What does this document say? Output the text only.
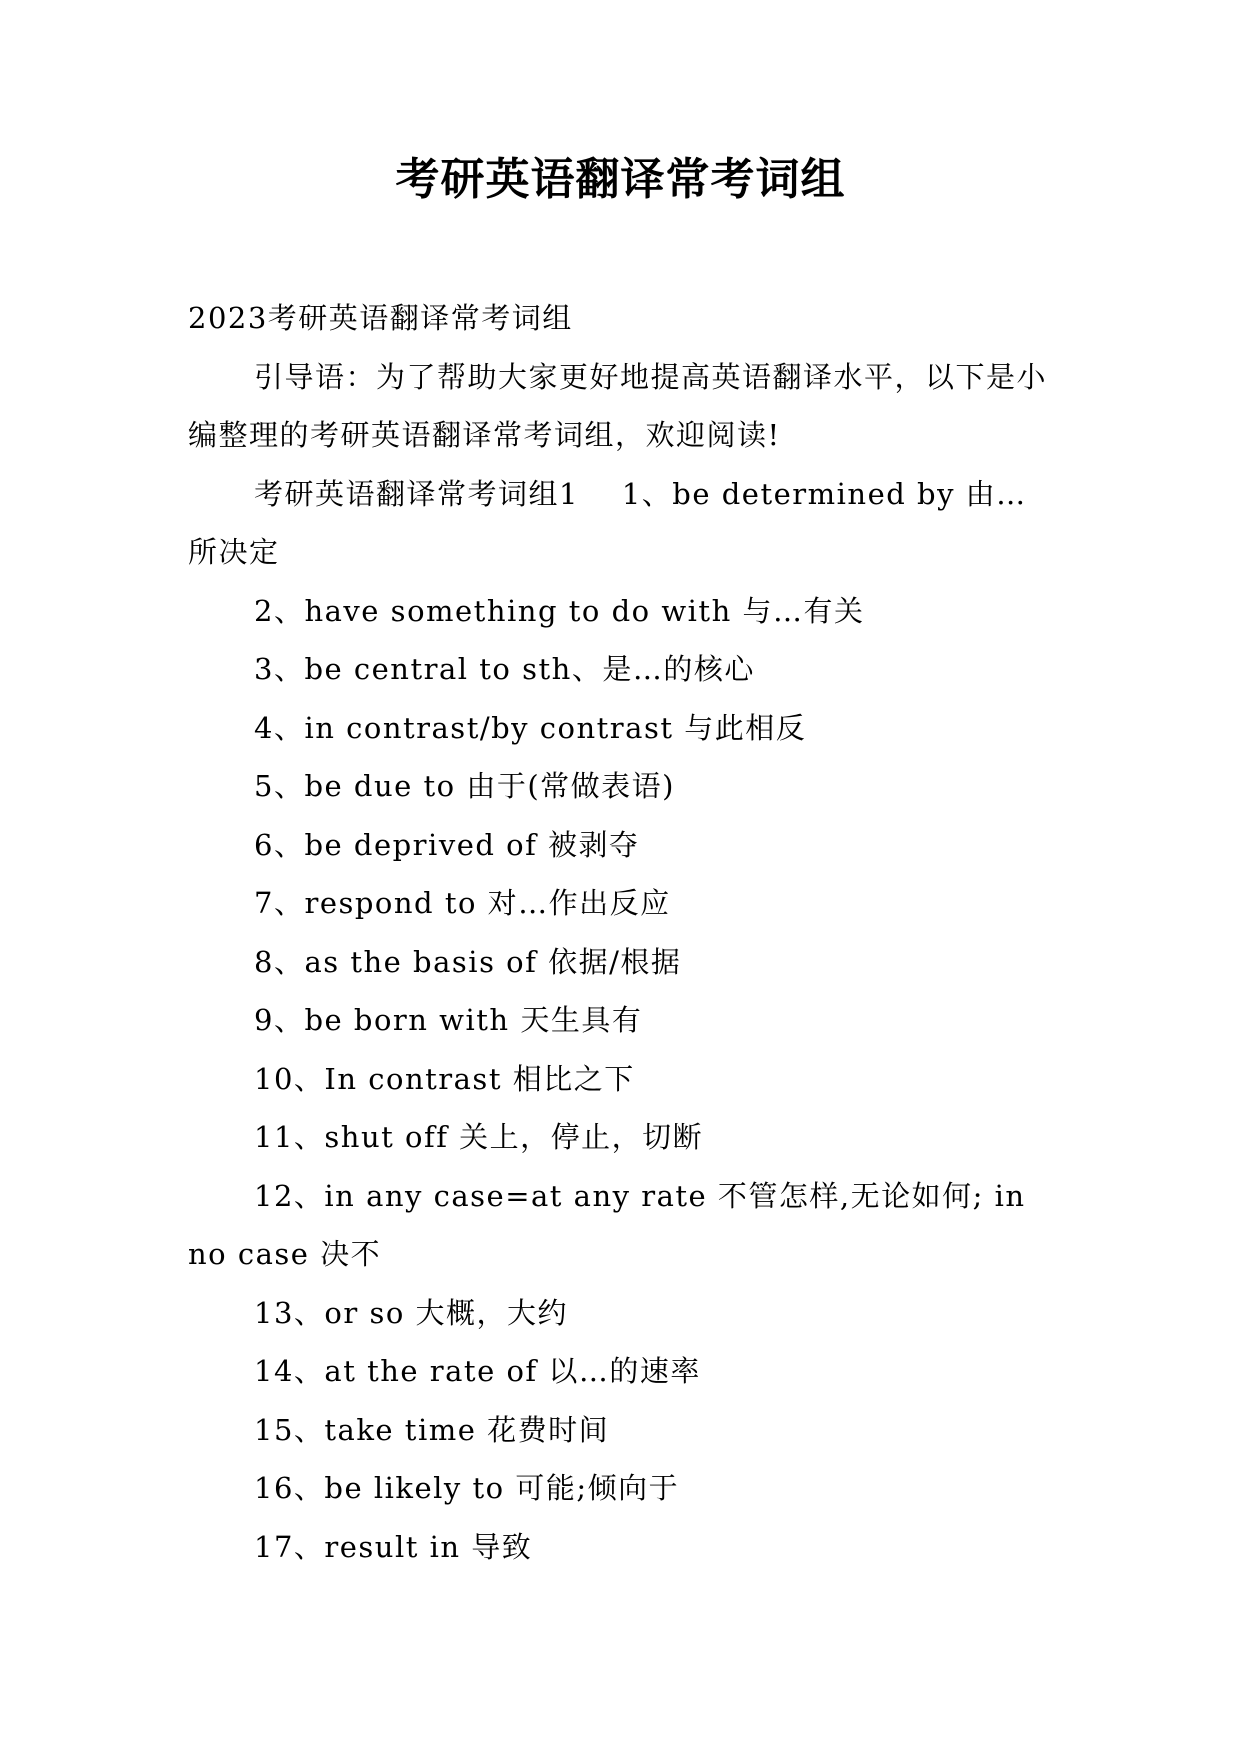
考研英语翻译常考词组

2023考研英语翻译常考词组

引导语：为了帮助大家更好地提高英语翻译水平，以下是小编整理的考研英语翻译常考词组，欢迎阅读!

考研英语翻译常考词组1    1、be determined by 由…所决定

2、have something to do with 与…有关

3、be central to sth、是…的核心

4、in contrast/by contrast 与此相反

5、be due to 由于(常做表语)

6、be deprived of 被剥夺

7、respond to 对…作出反应

8、as the basis of 依据/根据

9、be born with 天生具有

10、In contrast 相比之下

11、shut off 关上，停止，切断

12、in any case=at any rate 不管怎样,无论如何; in no case 决不

13、or so 大概，大约

14、at the rate of 以…的速率

15、take time 花费时间

16、be likely to 可能;倾向于

17、result in 导致
